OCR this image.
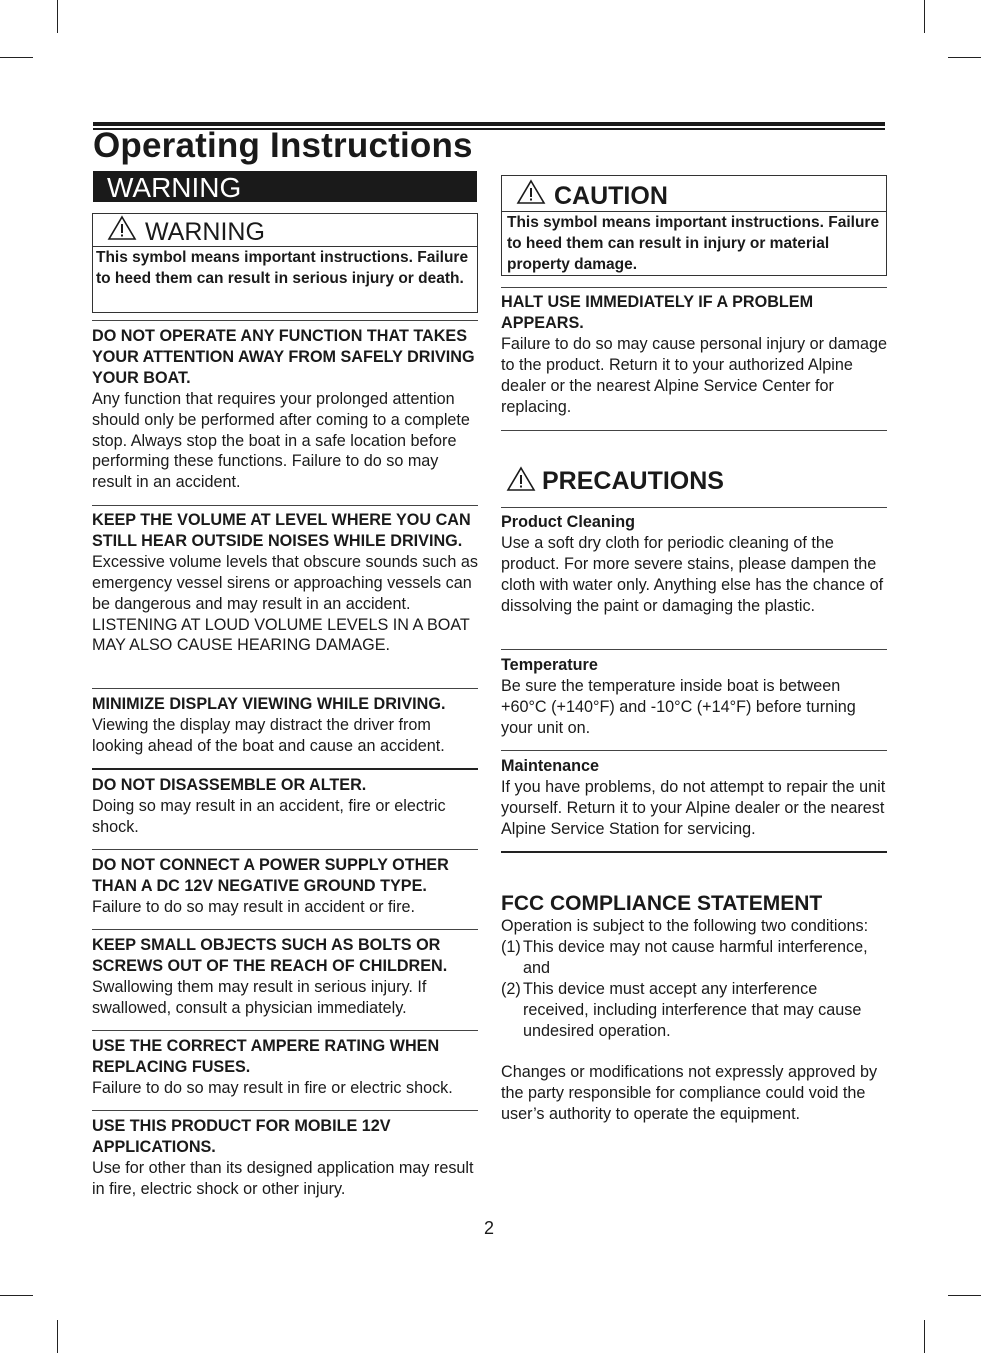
Operating Instructions
WARNING
WARNING
This symbol means important instructions. Failure to heed them can result in serious injury or death.
DO NOT OPERATE ANY FUNCTION THAT TAKES YOUR ATTENTION AWAY FROM SAFELY DRIVING YOUR BOAT.
Any function that requires your prolonged attention should only be performed after coming to a complete stop. Always stop the boat in a safe location before performing these functions. Failure to do so may result in an accident.
KEEP THE VOLUME AT LEVEL WHERE YOU CAN STILL HEAR OUTSIDE NOISES WHILE DRIVING.
Excessive volume levels that obscure sounds such as emergency vessel sirens or approaching vessels can be dangerous and may result in an accident. LISTENING AT LOUD VOLUME LEVELS IN A BOAT MAY ALSO CAUSE HEARING DAMAGE.
MINIMIZE DISPLAY VIEWING WHILE DRIVING.
Viewing the display may distract the driver from looking ahead of the boat and cause an accident.
DO NOT DISASSEMBLE OR ALTER.
Doing so may result in an accident, fire or electric shock.
DO NOT CONNECT A POWER SUPPLY OTHER THAN A DC 12V NEGATIVE GROUND TYPE.
Failure to do so may result in accident or fire.
KEEP SMALL OBJECTS SUCH AS BOLTS OR SCREWS OUT OF THE REACH OF CHILDREN.
Swallowing them may result in serious injury. If swallowed, consult a physician immediately.
USE THE CORRECT AMPERE RATING WHEN REPLACING FUSES.
Failure to do so may result in fire or electric shock.
USE THIS PRODUCT FOR MOBILE 12V APPLICATIONS.
Use for other than its designed application may result in fire, electric shock or other injury.
CAUTION
This symbol means important instructions. Failure to heed them can result in injury or material property damage.
HALT USE IMMEDIATELY IF A PROBLEM APPEARS.
Failure to do so may cause personal injury or damage to the product. Return it to your authorized Alpine dealer or the nearest Alpine Service Center for replacing.
PRECAUTIONS
Product Cleaning
Use a soft dry cloth for periodic cleaning of the product. For more severe stains, please dampen the cloth with water only. Anything else has the chance of dissolving the paint or damaging the plastic.
Temperature
Be sure the temperature inside boat is between +60°C (+140°F) and -10°C (+14°F) before turning your unit on.
Maintenance
If you have problems, do not attempt to repair the unit yourself. Return it to your Alpine dealer or the nearest Alpine Service Station for servicing.
FCC COMPLIANCE STATEMENT
Operation is subject to the following two conditions:
(1) This device may not cause harmful interference, and
(2) This device must accept any interference received, including interference that may cause undesired operation.
Changes or modifications not expressly approved by the party responsible for compliance could void the user’s authority to operate the equipment.
2
